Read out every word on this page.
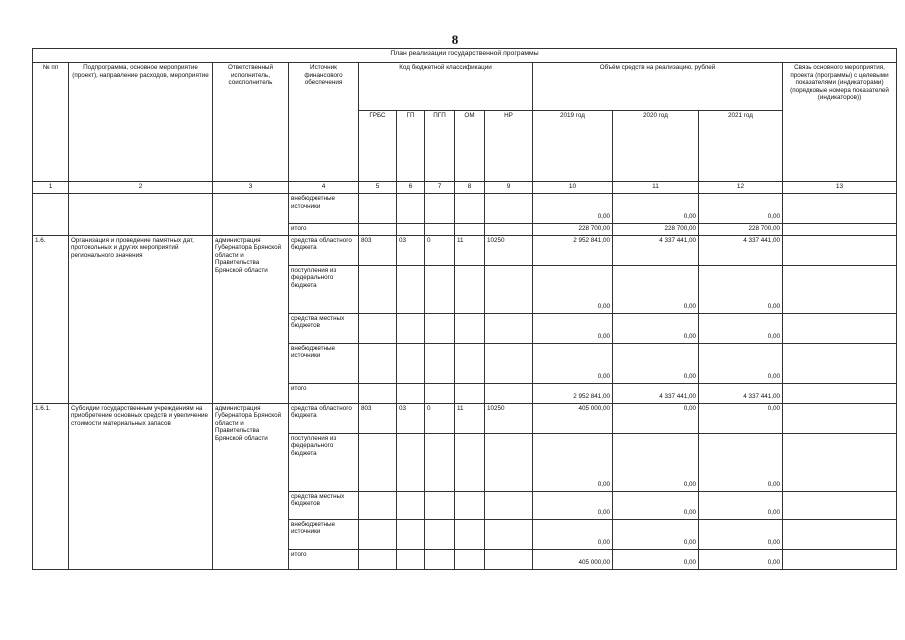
8
План реализации государственной программы												
№ пп	Подпрограмма, основное мероприятие (проект), направление расходов, мероприятие	Ответственный исполнитель, соисполнитель	Источник финансового обеспечения	Код бюджетной классификации					Объём средств на реализацию, рублей			Связь основного мероприятия, проекта (программы) с целевыми показателями (индикаторами) (порядковые номера показателей (индикаторов))
				ГРБС	ГП	ПГП	ОМ	НР	2019 год	2020 год	2021 год	
1	2	3	4	5	6	7	8	9	10	11	12	13
			внебюджетные источники						0,00	0,00	0,00	
			итого						228 700,00	228 700,00	228 700,00	
1.6.	Организация и проведение памятных дат, протокольных и других мероприятий регионального значения	администрация Губернатора Брянской области и Правительства Брянской области	средства областного бюджета	803	03	0	11	10250	2 952 841,00	4 337 441,00	4 337 441,00	
			поступления из федерального бюджета						0,00	0,00	0,00	
			средства местных бюджетов						0,00	0,00	0,00	
			внебюджетные источники						0,00	0,00	0,00	
			итого						2 952 841,00	4 337 441,00	4 337 441,00	
1.6.1.	Субсидии государственным учреждениям на приобретение основных средств и увеличение стоимости материальных запасов	администрация Губернатора Брянской области и Правительства Брянской области	средства областного бюджета	803	03	0	11	10250	405 000,00	0,00	0,00	
			поступления из федерального бюджета						0,00	0,00	0,00	
			средства местных бюджетов						0,00	0,00	0,00	
			внебюджетные источники						0,00	0,00	0,00	
			итого						405 000,00	0,00	0,00	
